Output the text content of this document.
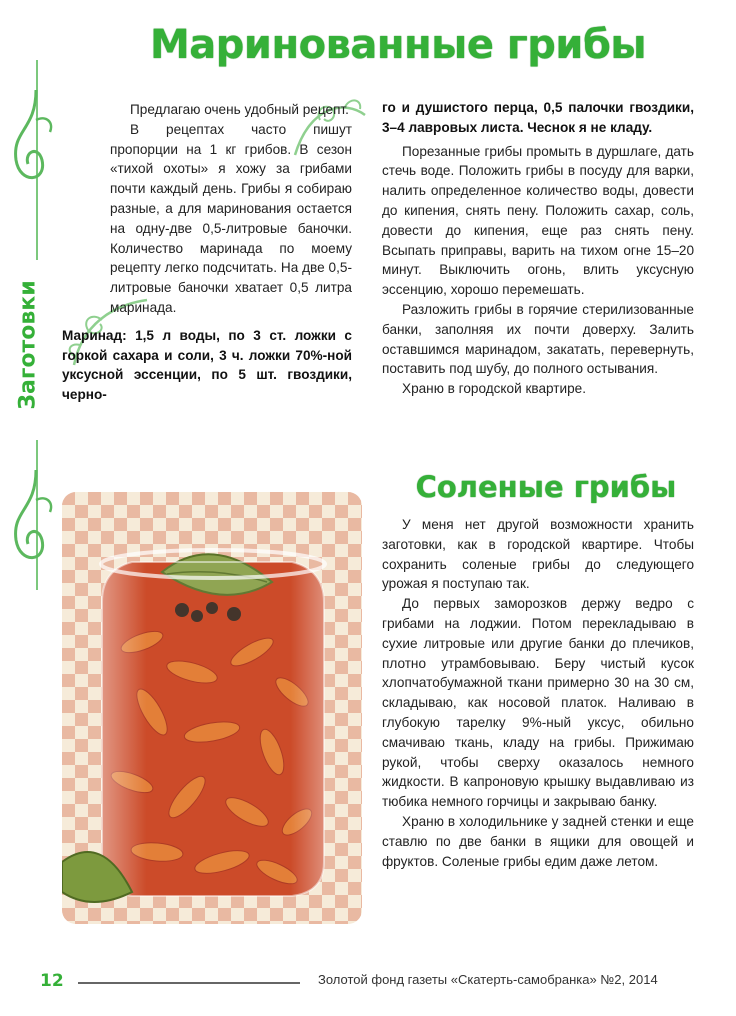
Маринованные грибы
Заготовки

Предлагаю очень удобный рецепт.

В рецептах часто пишут пропорции на 1 кг грибов. В сезон «тихой охоты» я хожу за грибами почти каждый день. Грибы я собираю разные, а для маринования остается на одну-две 0,5-литровые баночки. Количество маринада по моему рецепту легко подсчитать. На две 0,5-литровые баночки хватает 0,5 литра маринада.

Маринад: 1,5 л воды, по 3 ст. ложки с горкой сахара и соли, 3 ч. ложки 70%-ной уксусной эссенции, по 5 шт. гвоздики, черно-

го и душистого перца, 0,5 палочки гвоздики, 3–4 лавровых листа. Чеснок я не кладу.

Порезанные грибы промыть в дуршлаге, дать стечь воде. Положить грибы в посуду для варки, налить определенное количество воды, довести до кипения, снять пену. Положить сахар, соль, довести до кипения, еще раз снять пену. Всыпать приправы, варить на тихом огне 15–20 минут. Выключить огонь, влить уксусную эссенцию, хорошо перемешать.

Разложить грибы в горячие стерилизованные банки, заполняя их почти доверху. Залить оставшимся маринадом, закатать, перевернуть, поставить под шубу, до полного остывания.

Храню в городской квартире.

Соленые грибы

У меня нет другой возможности хранить заготовки, как в городской квартире. Чтобы сохранить соленые грибы до следующего урожая я поступаю так.

До первых заморозков держу ведро с грибами на лоджии. Потом перекладываю в сухие литровые или другие банки до плечиков, плотно утрамбовываю. Беру чистый кусок хлопчатобумажной ткани примерно 30 на 30 см, складываю, как носовой платок. Наливаю в глубокую тарелку 9%-ный уксус, обильно смачиваю ткань, кладу на грибы. Прижимаю рукой, чтобы сверху оказалось немного жидкости. В капроновую крышку выдавливаю из тюбика немного горчицы и закрываю банку.

Храню в холодильнике у задней стенки и еще ставлю по две банки в ящики для овощей и фруктов. Соленые грибы едим даже летом.

12	Золотой фонд газеты «Скатерть-самобранка» №2, 2014
